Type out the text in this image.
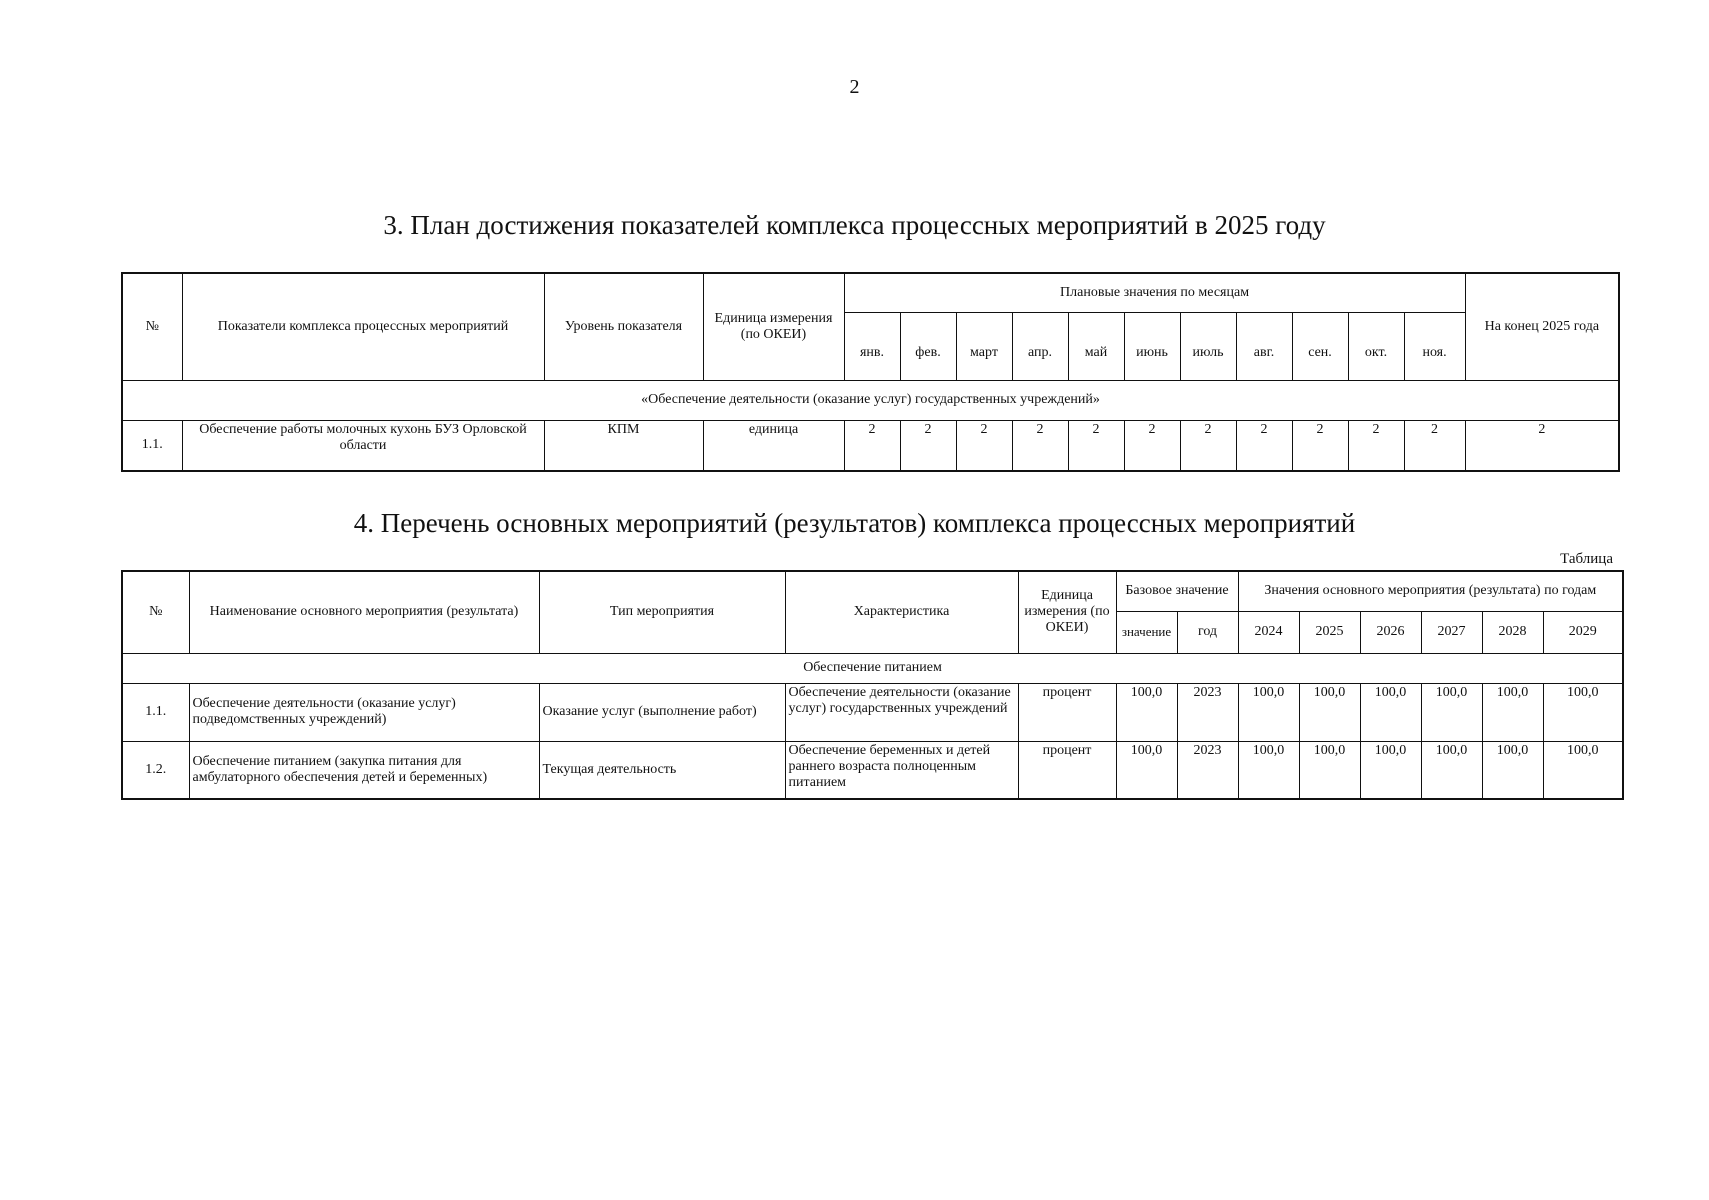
2
3. План достижения показателей комплекса процессных мероприятий в 2025 году
№	Показатели комплекса процессных мероприятий	Уровень показателя	Единица измерения (по ОКЕИ)	Плановые значения по месяцам											На конец 2025 года
				янв.	фев.	март	апр.	май	июнь	июль	авг.	сен.	окт.	ноя.	
«Обеспечение деятельности (оказание услуг) государственных учреждений»															
1.1.	Обеспечение работы молочных кухонь БУЗ Орловской области	КПМ	единица	2	2	2	2	2	2	2	2	2	2	2	2
4. Перечень основных мероприятий (результатов) комплекса процессных мероприятий
Таблица
№	Наименование основного мероприятия (результата)	Тип мероприятия	Характеристика	Единица измерения (по ОКЕИ)	Базовое значение		Значения основного мероприятия (результата) по годам					
					значение	год	2024	2025	2026	2027	2028	2029
Обеспечение питанием												
1.1.	Обеспечение деятельности (оказание услуг) подведомственных учреждений)	Оказание услуг (выполнение работ)	Обеспечение деятельности (оказание услуг) государственных учреждений	процент	100,0	2023	100,0	100,0	100,0	100,0	100,0	100,0
1.2.	Обеспечение питанием (закупка питания для амбулаторного обеспечения детей и беременных)	Текущая деятельность	Обеспечение беременных и детей раннего возраста полноценным питанием	процент	100,0	2023	100,0	100,0	100,0	100,0	100,0	100,0
